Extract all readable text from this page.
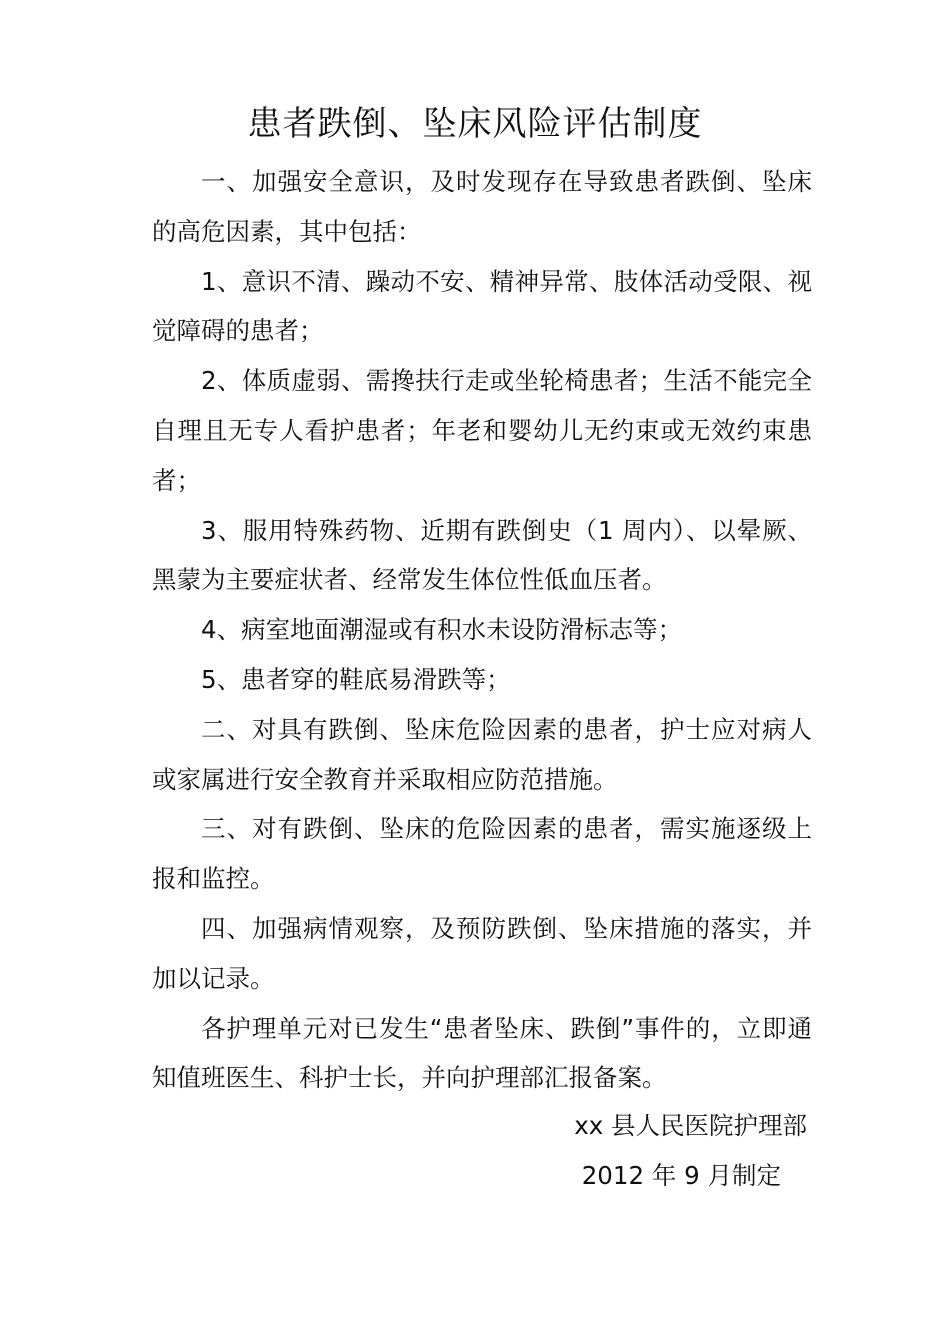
患者跌倒、坠床风险评估制度

一、加强安全意识，及时发现存在导致患者跌倒、坠床的高危因素，其中包括：

1、意识不清、躁动不安、精神异常、肢体活动受限、视觉障碍的患者；

2、体质虚弱、需搀扶行走或坐轮椅患者；生活不能完全自理且无专人看护患者；年老和婴幼儿无约束或无效约束患者；

3、服用特殊药物、近期有跌倒史（1 周内）、以晕厥、黑蒙为主要症状者、经常发生体位性低血压者。

4、病室地面潮湿或有积水未设防滑标志等；

5、患者穿的鞋底易滑跌等；

二、对具有跌倒、坠床危险因素的患者，护士应对病人或家属进行安全教育并采取相应防范措施。

三、对有跌倒、坠床的危险因素的患者，需实施逐级上报和监控。

四、加强病情观察，及预防跌倒、坠床措施的落实，并加以记录。

各护理单元对已发生“患者坠床、跌倒”事件的，立即通知值班医生、科护士长，并向护理部汇报备案。

xx 县人民医院护理部
2012 年 9 月制定
